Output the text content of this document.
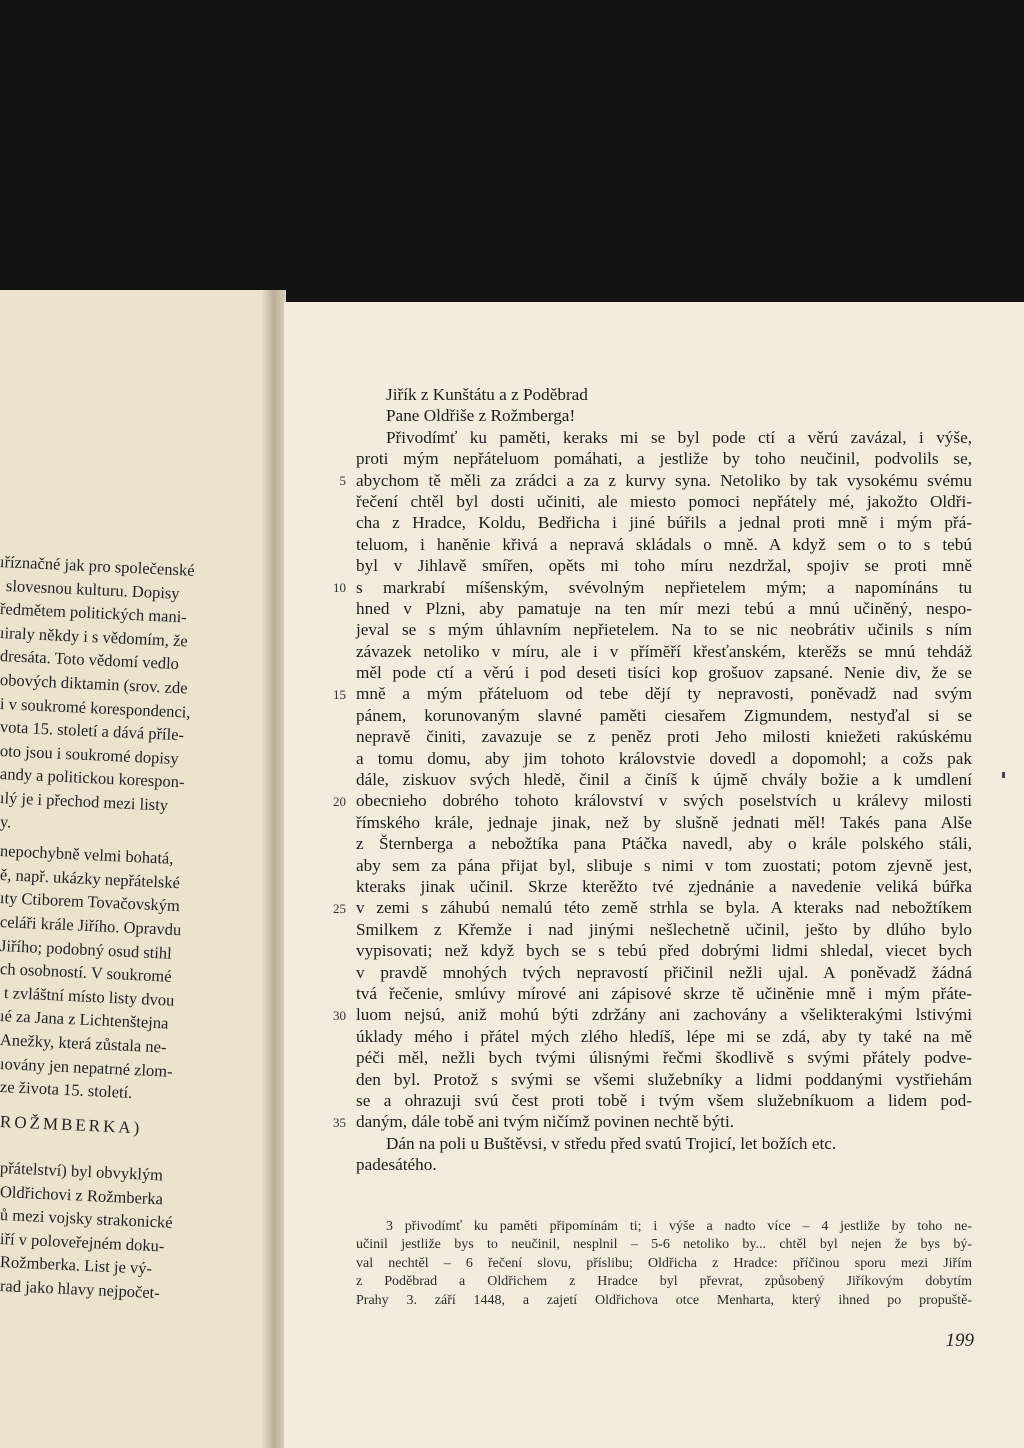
ıříznačné jak pro společenské
slovesnou kulturu. Dopisy
ředmětem politických mani-
ıiraly někdy i s vědomím, že
dresáta. Toto vědomí vedlo
obových diktamin (srov. zde
i v soukromé korespondenci,
vota 15. století a dává příle-
oto jsou i soukromé dopisy
andy a politickou korespon-
ılý je i přechod mezi listy
y.
nepochybně velmi bohatá,
ě, např. ukázky nepřátelské
ıty Ctiborem Tovačovským
celáři krále Jiřího. Opravdu
Jiřího; podobný osud stihl
ch osobností. V soukromé
t zvláštní místo listy dvou
ıé za Jana z Lichtenštejna
Anežky, která zůstala ne-
ıovány jen nepatrné zlom-
ze života 15. století.
ROŽMBERKA)
přátelství) byl obvyklým
Oldřichovi z Rožmberka
ů mezi vojsky strakonické
iří v poloveřejném doku-
Rožmberka. List je vý-
rad jako hlavy nejpočet-
5
10
15
20
25
30
35
Jiřík z Kunštátu a z Poděbrad
Pane Oldřiše z Rožmberga!
Přivodímť ku paměti, keraks mi se byl pode ctí a věrú zavázal, i výše,
proti mým nepřáteluom pomáhati, a jestliže by toho neučinil, podvolils se,
abychom tě měli za zrádci a za z kurvy syna. Netoliko by tak vysokému svému
řečení chtěl byl dosti učiniti, ale miesto pomoci nepřátely mé, jakožto Oldři-
cha z Hradce, Koldu, Bedřicha i jiné búřils a jednal proti mně i mým přá-
teluom, i haněnie křivá a nepravá skládals o mně. A když sem o to s tebú
byl v Jihlavě smířen, opěts mi toho míru nezdržal, spojiv se proti mně
s markrabí míšenským, svévolným nepřietelem mým; a napomínáns tu
hned v Plzni, aby pamatuje na ten mír mezi tebú a mnú učiněný, nespo-
jeval se s mým úhlavním nepřietelem. Na to se nic neobrátiv učinils s ním
závazek netoliko v míru, ale i v přímĕří křesťanském, kterěžs se mnú tehdáž
měl pode ctí a věrú i pod deseti tisíci kop grošuov zapsané. Nenie div, že se
mně a mým přáteluom od tebe dějí ty nepravosti, poněvadž nad svým
pánem, korunovaným slavné paměti ciesařem Zigmundem, nestyďal si se
nepravě činiti, zavazuje se z peněz proti Jeho milosti kniežeti rakúskému
a tomu domu, aby jim tohoto královstvie dovedl a dopomohl; a cožs pak
dále, ziskuov svých hledě, činil a činíš k újmě chvály božie a k umdlení
obecnieho dobrého tohoto království v svých poselstvích u králevy milosti
římského krále, jednaje jinak, než by slušně jednati měl! Takés pana Alše
z Šternberga a nebožtíka pana Ptáčka navedl, aby o krále polského stáli,
aby sem za pána přijat byl, slibuje s nimi v tom zuostati; potom zjevně jest,
kteraks jinak učinil. Skrze kterěžto tvé zjednánie a navedenie veliká búřka
v zemi s záhubú nemalú této země strhla se byla. A kteraks nad nebožtíkem
Smilkem z Křemže i nad jinými nešlechetně učinil, ješto by dlúho bylo
vypisovati; než když bych se s tebú před dobrými lidmi shledal, viecet bych
v pravdě mnohých tvých nepravostí přičinil nežli ujal. A poněvadž žádná
tvá řečenie, smlúvy mírové ani zápisové skrze tě učiněnie mně i mým přáte-
luom nejsú, aniž mohú býti zdržány ani zachovány a všelikterakými lstivými
úklady mého i přátel mých zlého hledíš, lépe mi se zdá, aby ty také na mě
péči měl, nežli bych tvými úlisnými řečmi škodlivě s svými přátely podve-
den byl. Protož s svými se všemi služebníky a lidmi poddanými vystřiehám
se a ohrazuji svú čest proti tobě i tvým všem služebníkuom a lidem pod-
daným, dále tobě ani tvým ničímž povinen nechtě býti.
Dán na poli u Buštěvsi, v středu před svatú Trojicí, let božích etc.
padesátého.
3 přivodímť ku paměti připomínám ti; i výše a nadto více – 4 jestliže by toho ne-
učinil jestliže bys to neučinil, nesplnil – 5-6 netoliko by... chtěl byl nejen že bys bý-
val nechtěl – 6 řečení slovu, příslibu; Oldřicha z Hradce: příčinou sporu mezi Jiřím
z Poděbrad a Oldřichem z Hradce byl převrat, způsobený Jiříkovým dobytím
Prahy 3. září 1448, a zajetí Oldřichova otce Menharta, který ihned po propuště-
199
